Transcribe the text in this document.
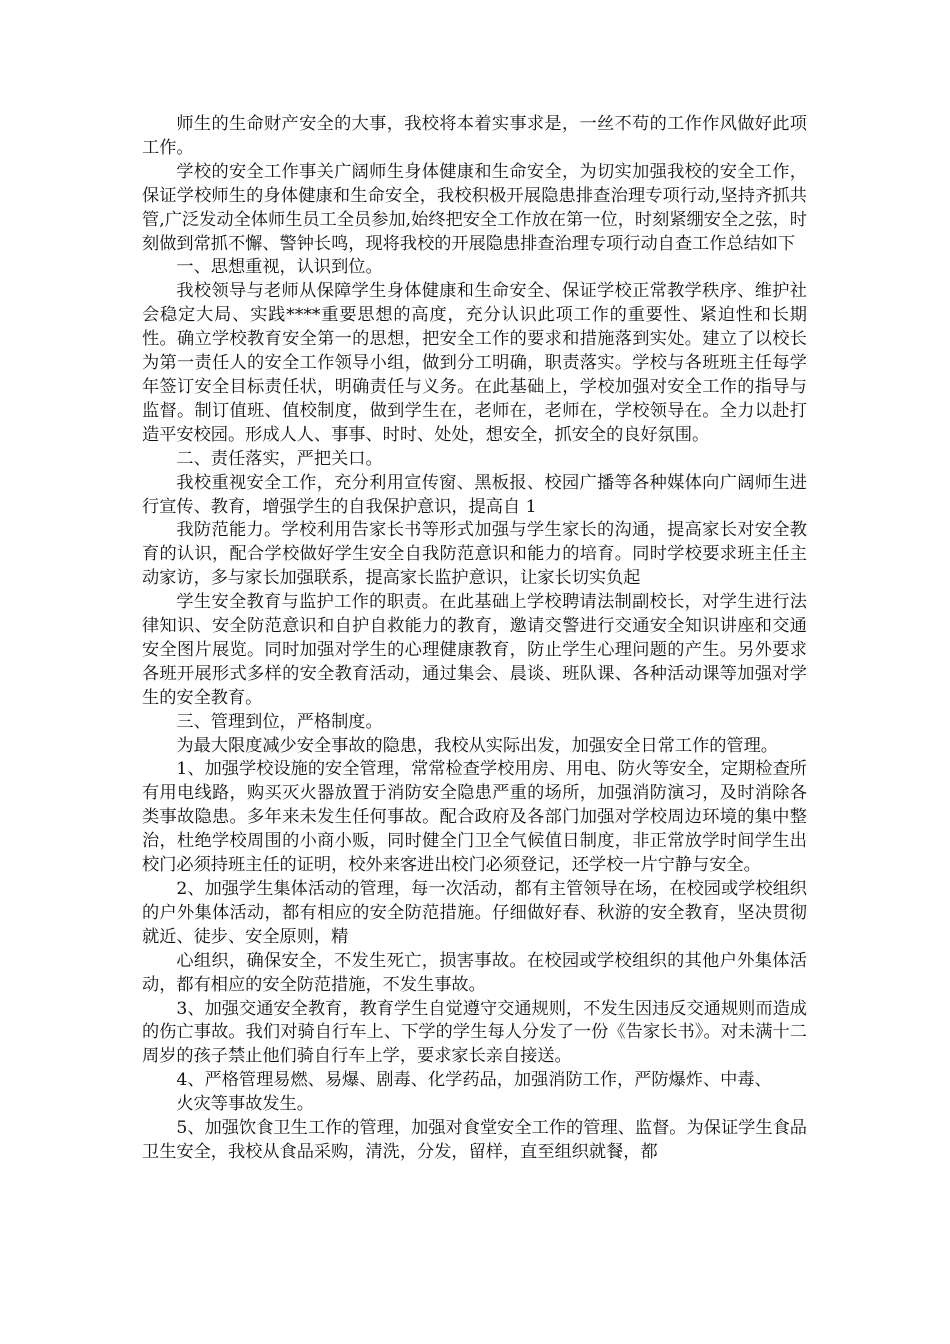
师生的生命财产安全的大事，我校将本着实事求是，一丝不苟的工作作风做好此项工作。

学校的安全工作事关广阔师生身体健康和生命安全，为切实加强我校的安全工作，保证学校师生的身体健康和生命安全，我校积极开展隐患排查治理专项行动,坚持齐抓共管,广泛发动全体师生员工全员参加,始终把安全工作放在第一位，时刻紧绷安全之弦，时刻做到常抓不懈、警钟长鸣，现将我校的开展隐患排查治理专项行动自查工作总结如下

一、思想重视，认识到位。

我校领导与老师从保障学生身体健康和生命安全、保证学校正常教学秩序、维护社会稳定大局、实践****重要思想的高度，充分认识此项工作的重要性、紧迫性和长期性。确立学校教育安全第一的思想，把安全工作的要求和措施落到实处。建立了以校长为第一责任人的安全工作领导小组，做到分工明确，职责落实。学校与各班班主任每学年签订安全目标责任状，明确责任与义务。在此基础上，学校加强对安全工作的指导与监督。制订值班、值校制度，做到学生在，老师在，老师在，学校领导在。全力以赴打造平安校园。形成人人、事事、时时、处处，想安全，抓安全的良好氛围。

二、责任落实，严把关口。

我校重视安全工作，充分利用宣传窗、黑板报、校园广播等各种媒体向广阔师生进行宣传、教育，增强学生的自我保护意识，提高自 1

我防范能力。学校利用告家长书等形式加强与学生家长的沟通，提高家长对安全教育的认识，配合学校做好学生安全自我防范意识和能力的培育。同时学校要求班主任主动家访，多与家长加强联系，提高家长监护意识，让家长切实负起

学生安全教育与监护工作的职责。在此基础上学校聘请法制副校长，对学生进行法律知识、安全防范意识和自护自救能力的教育，邀请交警进行交通安全知识讲座和交通安全图片展览。同时加强对学生的心理健康教育，防止学生心理问题的产生。另外要求各班开展形式多样的安全教育活动，通过集会、晨谈、班队课、各种活动课等加强对学生的安全教育。

三、管理到位，严格制度。

为最大限度减少安全事故的隐患，我校从实际出发，加强安全日常工作的管理。

1、加强学校设施的安全管理，常常检查学校用房、用电、防火等安全，定期检查所有用电线路，购买灭火器放置于消防安全隐患严重的场所，加强消防演习，及时消除各类事故隐患。多年来未发生任何事故。配合政府及各部门加强对学校周边环境的集中整治，杜绝学校周围的小商小贩，同时健全门卫全气候值日制度，非正常放学时间学生出校门必须持班主任的证明，校外来客进出校门必须登记，还学校一片宁静与安全。

2、加强学生集体活动的管理，每一次活动，都有主管领导在场，在校园或学校组织的户外集体活动，都有相应的安全防范措施。仔细做好春、秋游的安全教育，坚决贯彻就近、徒步、安全原则，精

心组织，确保安全，不发生死亡，损害事故。在校园或学校组织的其他户外集体活动，都有相应的安全防范措施，不发生事故。

3、加强交通安全教育，教育学生自觉遵守交通规则，不发生因违反交通规则而造成的伤亡事故。我们对骑自行车上、下学的学生每人分发了一份《告家长书》。对未满十二周岁的孩子禁止他们骑自行车上学，要求家长亲自接送。

4、严格管理易燃、易爆、剧毒、化学药品，加强消防工作，严防爆炸、中毒、

火灾等事故发生。

5、加强饮食卫生工作的管理，加强对食堂安全工作的管理、监督。为保证学生食品卫生安全，我校从食品采购，清洗，分发，留样，直至组织就餐，都
